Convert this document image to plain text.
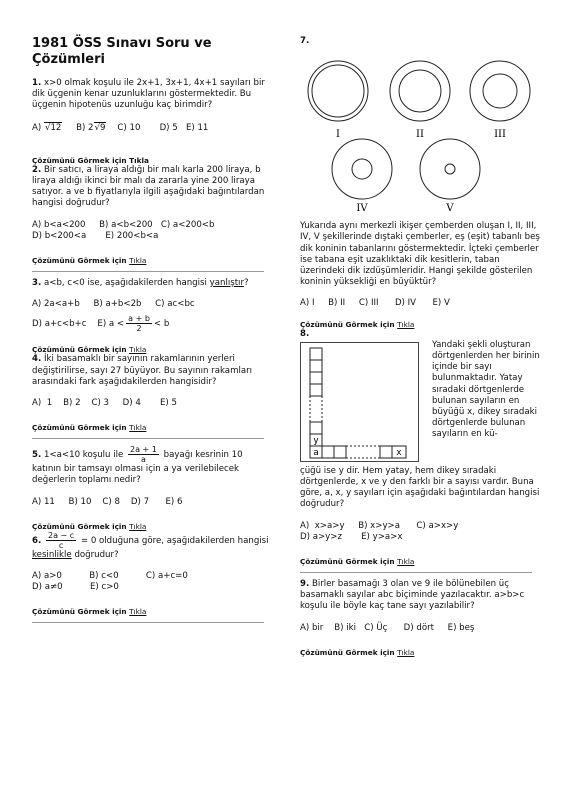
1981 ÖSS Sınavı Soru ve Çözümleri

1. x>0 olmak koşulu ile 2x+1, 3x+1, 4x+1 sayıları bir dik üçgenin kenar uzunluklarını göstermektedir. Bu üçgenin hipotenüs uzunluğu kaç birimdir?

A) √12 B) 2√9 C) 10 D) 5 E) 11

Çözümünü Görmek için Tıkla

2. Bir satıcı, a liraya aldığı bir malı karla 200 liraya, b liraya aldığı ikinci bir malı da zararla yine 200 liraya satıyor. a ve b fiyatlarıyla ilgili aşağıdaki bağıntılardan hangisi doğrudur?

A) b<a<200     B) a<b<200   C) a<200<b
D) b<200<a       E) 200<b<a

Çözümünü Görmek için Tıkla

3. a<b, c<0 ise, aşağıdakilerden hangisi yanlıştır?

A) 2a<a+b     B) a+b<2b     C) ac<bc
D) a+c<b+c    E) $a < \frac{a + b}{2} < b$

Çözümünü Görmek için Tıkla

4. İki basamaklı bir sayının rakamlarının yerleri değiştirilirse, sayı 27 büyüyor. Bu sayının rakamları arasındaki fark aşağıdakilerden hangisidir?

A)  1    B) 2    C) 3     D) 4       E) 5

Çözümünü Görmek için Tıkla

5. 1<a<10 koşulu ile $\frac{2a + 1}{a}$ bayağı kesrinin 10 katının bir tamsayı olması için a ya verilebilecek değerlerin toplamı nedir?

A) 11     B) 10    C) 8    D) 7      E) 6

Çözümünü Görmek için Tıkla

6. $\frac{2a - c}{c} = 0$ olduğuna göre, aşağıdakilerden hangisi kesinlikle doğrudur?

A) a>0          B) c<0          C) a+c=0
D) a≠0          E) c>0

Çözümünü Görmek için Tıkla

7.

I	II	III
IV	V

Yukarıda aynı merkezli ikişer çemberden oluşan I, II, III, IV, V şekillerinde dıştaki çemberler, eş (eşit) tabanlı beş dik koninin tabanlarını göstermektedir. İçteki çemberler ise tabana eşit uzaklıktaki dik kesitlerin, taban üzerindeki dik izdüşümleridir. Hangi şekilde gösterilen koninin yüksekliği en büyüktür?

A) I     B) II     C) III      D) IV      E) V

Çözümünü Görmek için Tıkla

8.

y
a	x

Yandaki şekli oluşturan dörtgenlerden her birinin içinde bir sayı bulunmaktadır. Yatay sıradaki dörtgenlerde bulunan sayıların en büyüğü x, dikey sıradaki dörtgenlerde bulunan sayıların en kü-

çüğü ise y dir. Hem yatay, hem dikey sıradaki dörtgenlerde, x ve y den farklı bir a sayısı vardır. Buna göre, a, x, y sayıları için aşağıdaki bağıntılardan hangisi doğrudur?

A)  x>a>y     B) x>y>a      C) a>x>y
D) a>y>z       E) y>a>x

Çözümünü Görmek için Tıkla

9. Birler basamağı 3 olan ve 9 ile bölünebilen üç basamaklı sayılar abc biçiminde yazılacaktır. a>b>c koşulu ile böyle kaç tane sayı yazılabilir?

A) bir    B) iki   C) Üç      D) dört     E) beş

Çözümünü Görmek için Tıkla
